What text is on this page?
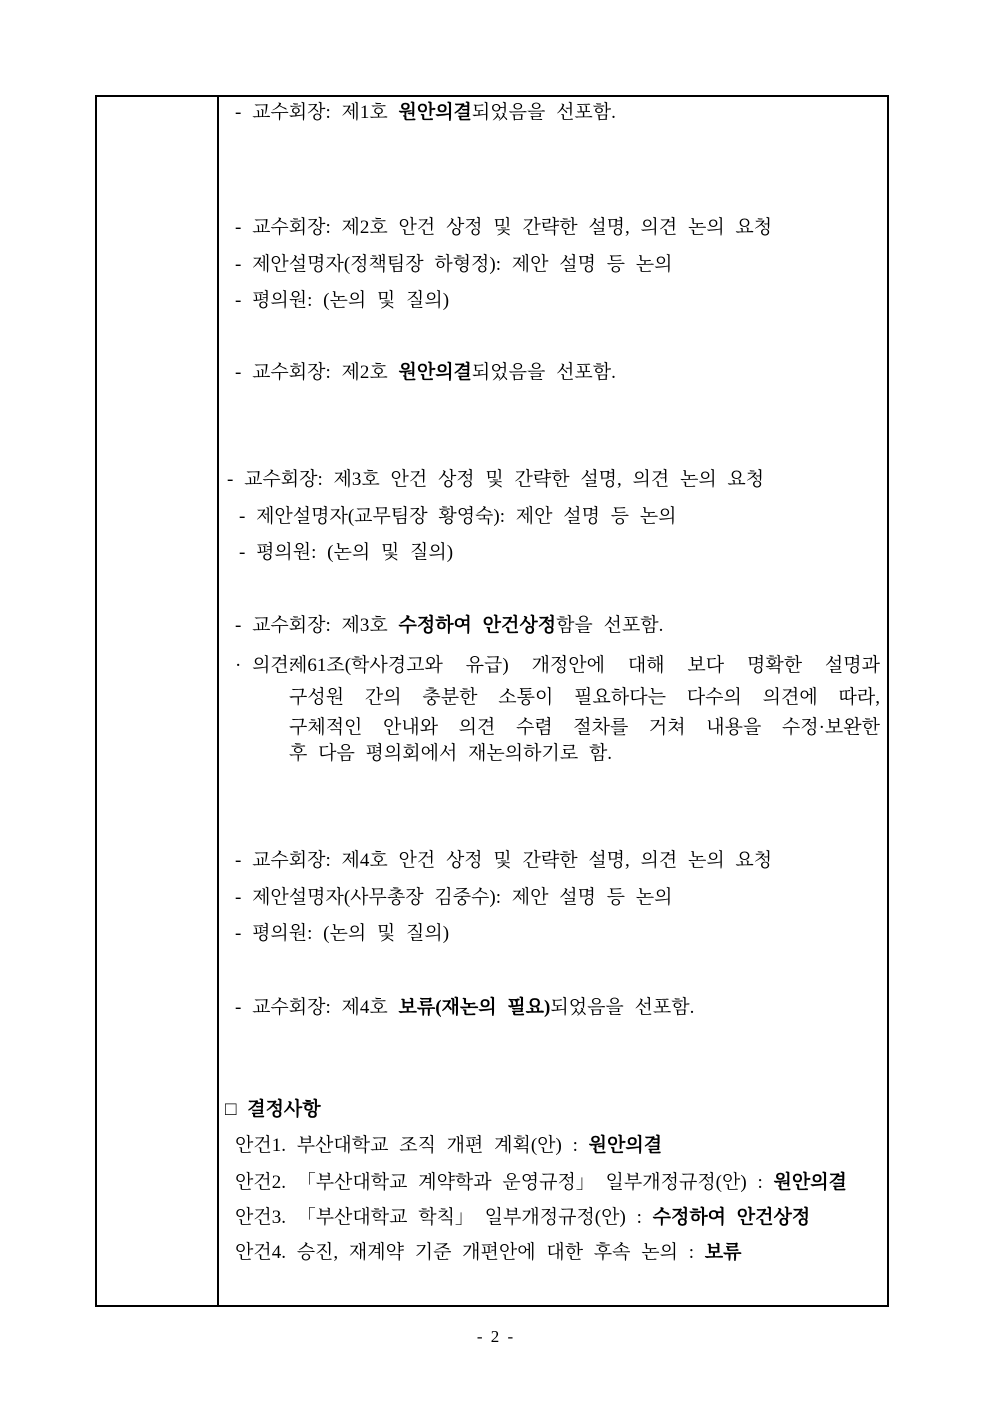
- 교수회장: 제1호 원안의결되었음을 선포함.
- 교수회장: 제2호 안건 상정 및 간략한 설명, 의견 논의 요청
- 제안설명자(정책팀장 하형정): 제안 설명 등 논의
- 평의원: (논의 및 질의)
- 교수회장: 제2호 원안의결되었음을 선포함.
- 교수회장: 제3호 안건 상정 및 간략한 설명, 의견 논의 요청
- 제안설명자(교무팀장 황영숙): 제안 설명 등 논의
- 평의원: (논의 및 질의)
- 교수회장: 제3호 수정하여 안건상정함을 선포함.
· 의견:
제61조(학사경고와 유급) 개정안에 대해 보다 명확한 설명과
구성원 간의 충분한 소통이 필요하다는 다수의 의견에 따라,
구체적인 안내와 의견 수렴 절차를 거쳐 내용을 수정·보완한
후 다음 평의회에서 재논의하기로 함.
- 교수회장: 제4호 안건 상정 및 간략한 설명, 의견 논의 요청
- 제안설명자(사무총장 김중수): 제안 설명 등 논의
- 평의원: (논의 및 질의)
- 교수회장: 제4호 보류(재논의 필요)되었음을 선포함.
□ 결정사항
안건1. 부산대학교 조직 개편 계획(안) : 원안의결
안건2. 「부산대학교 계약학과 운영규정」 일부개정규정(안) : 원안의결
안건3. 「부산대학교 학칙」 일부개정규정(안) : 수정하여 안건상정
안건4. 승진, 재계약 기준 개편안에 대한 후속 논의 : 보류
- 2 -
